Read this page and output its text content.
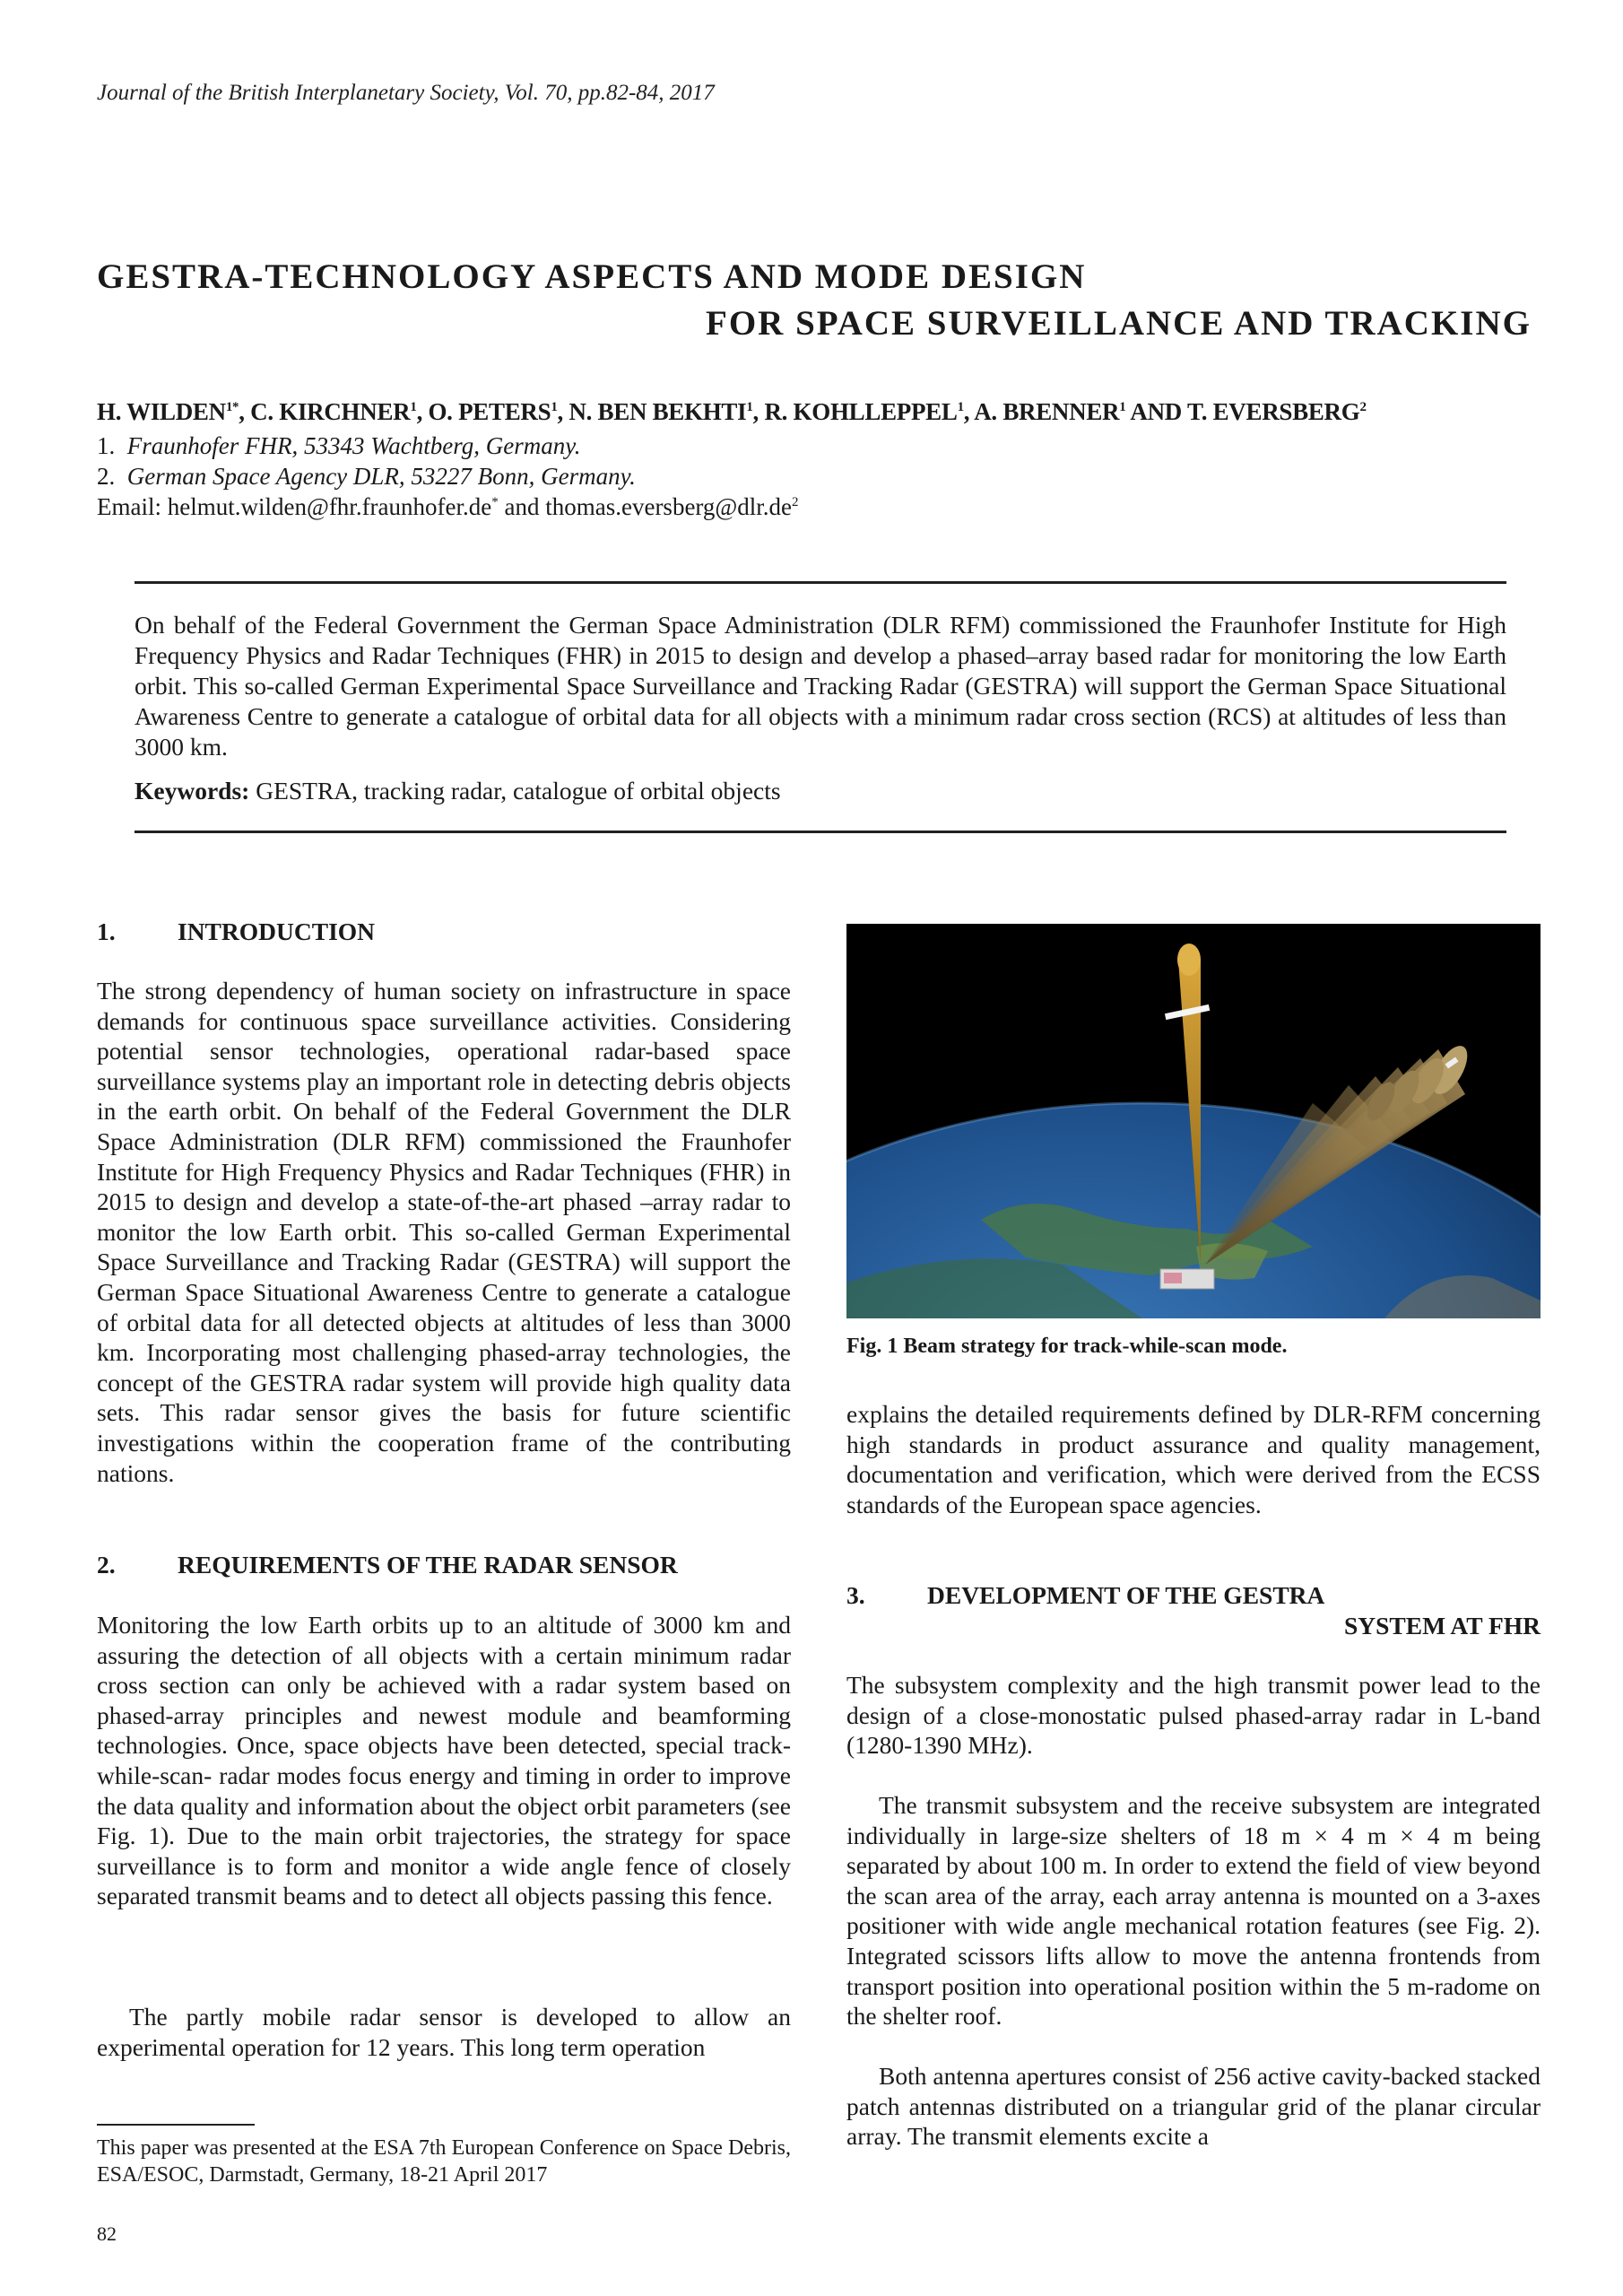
Journal of the British Interplanetary Society, Vol. 70, pp.82-84, 2017
GESTRA-TECHNOLOGY ASPECTS AND MODE DESIGN
FOR SPACE SURVEILLANCE AND TRACKING
H. $WILDEN^{1*}$, C. KIRCHNER$^1$, O. PETERS$^1$, N. BEN BEKHTI$^1$, R. KOHLLEPPEL$^1$, A. BRENNER$^1$ AND T. EVERSBERG$^2$
1. Fraunhofer FHR, 53343 Wachtberg, Germany.
2. German Space Agency DLR, 53227 Bonn, Germany.
Email: helmut.wilden@fhr.fraunhofer.de* and $thomas.eversberg@dlr.de^2$
On behalf of the Federal Government the German Space Administration (DLR RFM) commissioned the Fraunhofer Institute for High Frequency Physics and Radar Techniques (FHR) in 2015 to design and develop a phased–array based radar for monitoring the low Earth orbit. This so-called German Experimental Space Surveillance and Tracking Radar (GESTRA) will support the German Space Situational Awareness Centre to generate a catalogue of orbital data for all objects with a minimum radar cross section (RCS) at altitudes of less than 3000 km.
Keywords: GESTRA, tracking radar, catalogue of orbital objects
1.	INTRODUCTION

The strong dependency of human society on infrastructure in space demands for continuous space surveillance activities. Considering potential sensor technologies, operational radar-based space surveillance systems play an important role in detecting debris objects in the earth orbit. On behalf of the Federal Government the DLR Space Administration (DLR RFM) commissioned the Fraunhofer Institute for High Frequency Physics and Radar Techniques (FHR) in 2015 to design and develop a state-of-the-art phased –array radar to monitor the low Earth orbit. This so-called German Experimental Space Surveillance and Tracking Radar (GESTRA) will support the German Space Situational Awareness Centre to generate a catalogue of orbital data for all detected objects at altitudes of less than 3000 km. Incorporating most challenging phased-array technologies, the concept of the GESTRA radar system will provide high quality data sets. This radar sensor gives the basis for future scientific investigations within the cooperation frame of the contributing nations.

2.	REQUIREMENTS OF THE RADAR SENSOR

Monitoring the low Earth orbits up to an altitude of 3000 km and assuring the detection of all objects with a certain minimum radar cross section can only be achieved with a radar system based on phased-array principles and newest module and beamforming technologies. Once, space objects have been detected, special track-while-scan- radar modes focus energy and timing in order to improve the data quality and information about the object orbit parameters (see Fig. 1). Due to the main orbit trajectories, the strategy for space surveillance is to form and monitor a wide angle fence of closely separated transmit beams and to detect all objects passing this fence.

The partly mobile radar sensor is developed to allow an experimental operation for 12 years. This long term operation

This paper was presented at the ESA 7th European Conference on Space Debris, ESA/ESOC, Darmstadt, Germany, 18-21 April 2017
82
Fig. 1 Beam strategy for track-while-scan mode.

explains the detailed requirements defined by DLR-RFM concerning high standards in product assurance and quality management, documentation and verification, which were derived from the ECSS standards of the European space agencies.

3.	DEVELOPMENT OF THE GESTRA
SYSTEM AT FHR

The subsystem complexity and the high transmit power lead to the design of a close-monostatic pulsed phased-array radar in L-band (1280-1390 MHz).

The transmit subsystem and the receive subsystem are integrated individually in large-size shelters of 18 m × 4 m × 4 m being separated by about 100 m. In order to extend the field of view beyond the scan area of the array, each array antenna is mounted on a 3-axes positioner with wide angle mechanical rotation features (see Fig. 2). Integrated scissors lifts allow to move the antenna frontends from transport position into operational position within the 5 m-radome on the shelter roof.

Both antenna apertures consist of 256 active cavity-backed stacked patch antennas distributed on a triangular grid of the planar circular array. The transmit elements excite a
